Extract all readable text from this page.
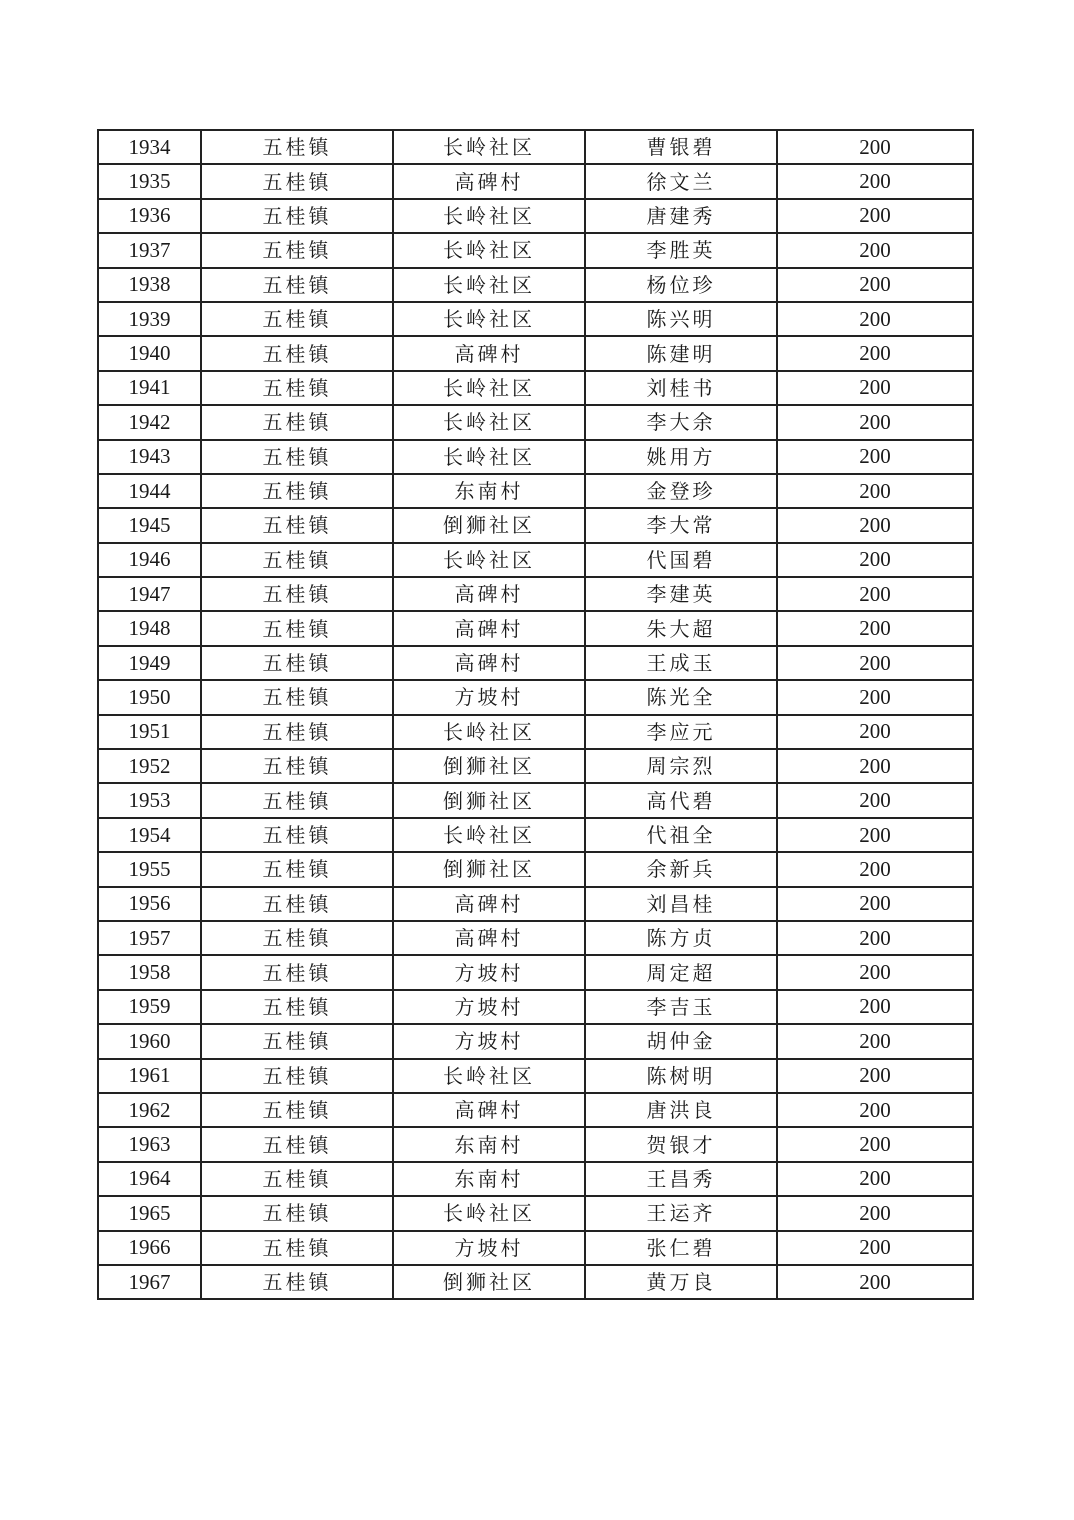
1934	五桂镇	长岭社区	曹银碧	200
1935	五桂镇	高碑村	徐文兰	200
1936	五桂镇	长岭社区	唐建秀	200
1937	五桂镇	长岭社区	李胜英	200
1938	五桂镇	长岭社区	杨位珍	200
1939	五桂镇	长岭社区	陈兴明	200
1940	五桂镇	高碑村	陈建明	200
1941	五桂镇	长岭社区	刘桂书	200
1942	五桂镇	长岭社区	李大余	200
1943	五桂镇	长岭社区	姚用方	200
1944	五桂镇	东南村	金登珍	200
1945	五桂镇	倒狮社区	李大常	200
1946	五桂镇	长岭社区	代国碧	200
1947	五桂镇	高碑村	李建英	200
1948	五桂镇	高碑村	朱大超	200
1949	五桂镇	高碑村	王成玉	200
1950	五桂镇	方坡村	陈光全	200
1951	五桂镇	长岭社区	李应元	200
1952	五桂镇	倒狮社区	周宗烈	200
1953	五桂镇	倒狮社区	高代碧	200
1954	五桂镇	长岭社区	代祖全	200
1955	五桂镇	倒狮社区	余新兵	200
1956	五桂镇	高碑村	刘昌桂	200
1957	五桂镇	高碑村	陈方贞	200
1958	五桂镇	方坡村	周定超	200
1959	五桂镇	方坡村	李吉玉	200
1960	五桂镇	方坡村	胡仲金	200
1961	五桂镇	长岭社区	陈树明	200
1962	五桂镇	高碑村	唐洪良	200
1963	五桂镇	东南村	贺银才	200
1964	五桂镇	东南村	王昌秀	200
1965	五桂镇	长岭社区	王运齐	200
1966	五桂镇	方坡村	张仁碧	200
1967	五桂镇	倒狮社区	黄万良	200
